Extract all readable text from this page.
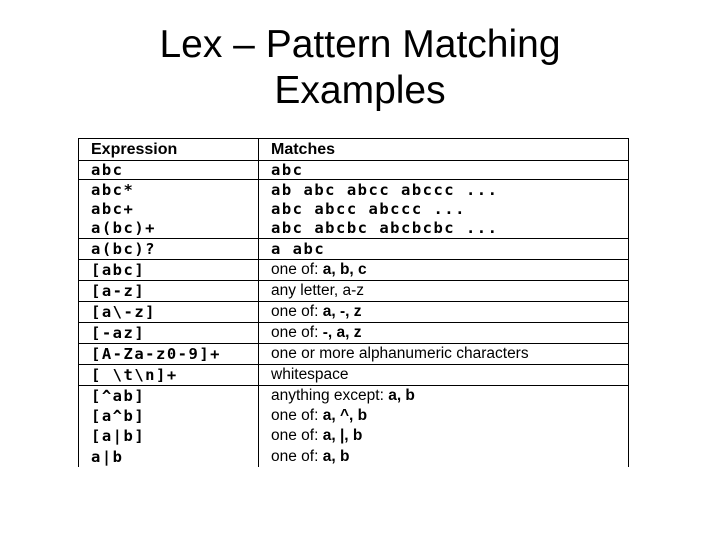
Lex – Pattern Matching
Examples
Expression	Matches
abc	abc
abc*	ab abc abcc abccc ...
abc+	abc abcc abccc ...
a(bc)+	abc abcbc abcbcbc ...
a(bc)?	a abc
[abc]	one of: a, b, c
[a-z]	any letter, a-z
[a\-z]	one of: a, -, z
[-az]	one of: -, a, z
[A-Za-z0-9]+	one or more alphanumeric characters
[ \t\n]+	whitespace
[^ab]	anything except: a, b
[a^b]	one of: a, ^, b
[a|b]	one of: a, |, b
a|b	one of: a, b
